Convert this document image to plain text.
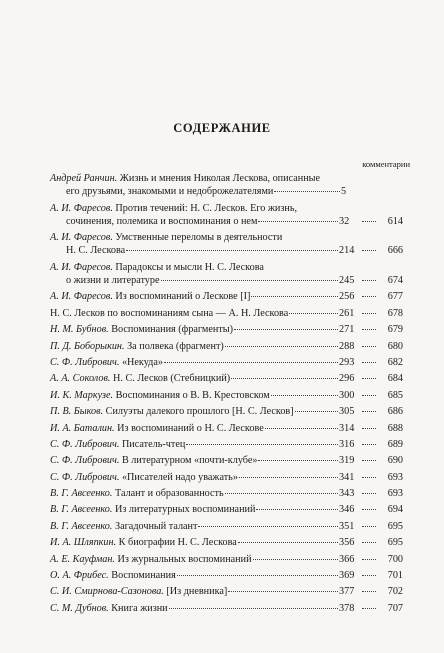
СОДЕРЖАНИЕ
комментарии
Андрей Ранчин. Жизнь и мнения Николая Лескова, описанные
его друзьями, знакомыми и недоброжелателями	5
А. И. Фаресов. Против течений: Н. С. Лесков. Его жизнь,
сочинения, полемика и воспоминания о нем	32	614
А. И. Фаресов. Умственные переломы в деятельности
Н. С. Лескова	214	666
А. И. Фаресов. Парадоксы и мысли Н. С. Лескова
о жизни и литературе	245	674
А. И. Фаресов. Из воспоминаний о Лескове [I]	256	677
Н. С. Лесков по воспоминаниям сына — А. Н. Лескова	261	678
Н. М. Бубнов. Воспоминания (фрагменты)	271	679
П. Д. Боборыкин. За полвека (фрагмент)	288	680
С. Ф. Либрович. «Некуда»	293	682
А. А. Соколов. Н. С. Лесков (Стебницкий)	296	684
И. К. Маркузе. Воспоминания о В. В. Крестовском	300	685
П. В. Быков. Силуэты далекого прошлого [Н. С. Лесков]	305	686
И. А. Баталин. Из воспоминаний о Н. С. Лескове	314	688
С. Ф. Либрович. Писатель-чтец	316	689
С. Ф. Либрович. В литературном «почти-клубе»	319	690
С. Ф. Либрович. «Писателей надо уважать»	341	693
В. Г. Авсеенко. Талант и образованность	343	693
В. Г. Авсеенко. Из литературных воспоминаний	346	694
В. Г. Авсеенко. Загадочный талант	351	695
И. А. Шляпкин. К биографии Н. С. Лескова	356	695
А. Е. Кауфман. Из журнальных воспоминаний	366	700
О. А. Фрибес. Воспоминания	369	701
С. И. Смирнова-Сазонова. [Из дневника]	377	702
С. М. Дубнов. Книга жизни	378	707
